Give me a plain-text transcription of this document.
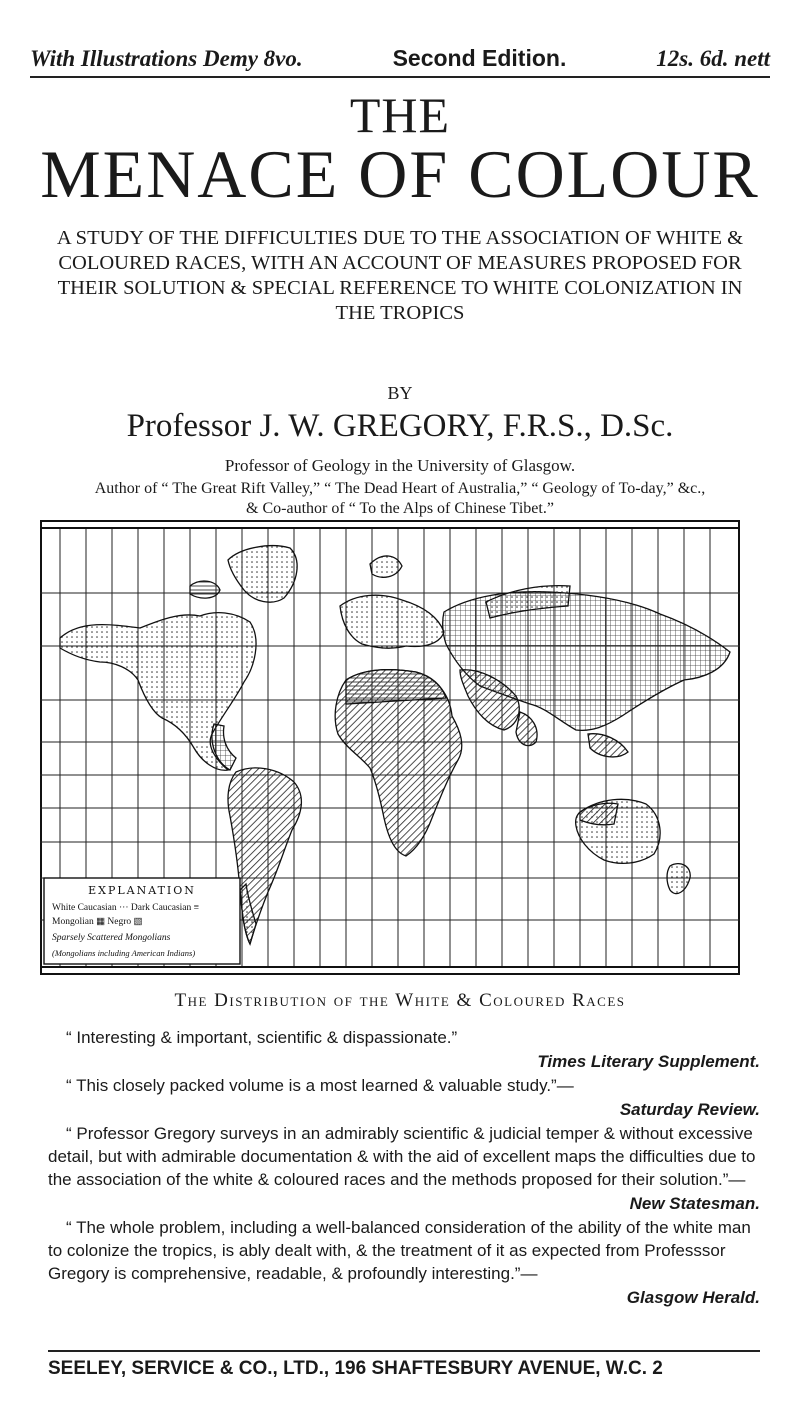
With Illustrations Demy 8vo.	Second Edition.	12s. 6d. nett
THE
MENACE OF COLOUR
A STUDY OF THE DIFFICULTIES DUE TO THE ASSOCIATION OF WHITE & COLOURED RACES, WITH AN ACCOUNT OF MEASURES PROPOSED FOR THEIR SOLUTION & SPECIAL REFERENCE TO WHITE COLONIZATION IN THE TROPICS
BY
Professor J. W. GREGORY, F.R.S., D.Sc.
Professor of Geology in the University of Glasgow.
Author of “ The Great Rift Valley,” “ The Dead Heart of Australia,” “ Geology of To-day,” &c.,
& Co-author of “ To the Alps of Chinese Tibet.”
EXPLANATION
White Caucasian ··· Dark Caucasian ≡
Mongolian ▦ Negro ▧
Sparsely Scattered Mongolians
(Mongolians including American Indians)
The Distribution of the White & Coloured Races

“ Interesting & important, scientific & dispassionate.”

Times Literary Supplement.

“ This closely packed volume is a most learned & valuable study.”—

Saturday Review.

“ Professor Gregory surveys in an admirably scientific & judicial temper & without excessive detail, but with admirable documentation & with the aid of excellent maps the difficulties due to the association of the white & coloured races and the methods proposed for their solution.”—

New Statesman.

“ The whole problem, including a well-balanced consideration of the ability of the white man to colonize the tropics, is ably dealt with, & the treatment of it as expected from Professsor Gregory is comprehensive, readable, & profoundly interesting.”—

Glasgow Herald.

SEELEY, SERVICE & CO., LTD., 196 SHAFTESBURY AVENUE, W.C. 2
